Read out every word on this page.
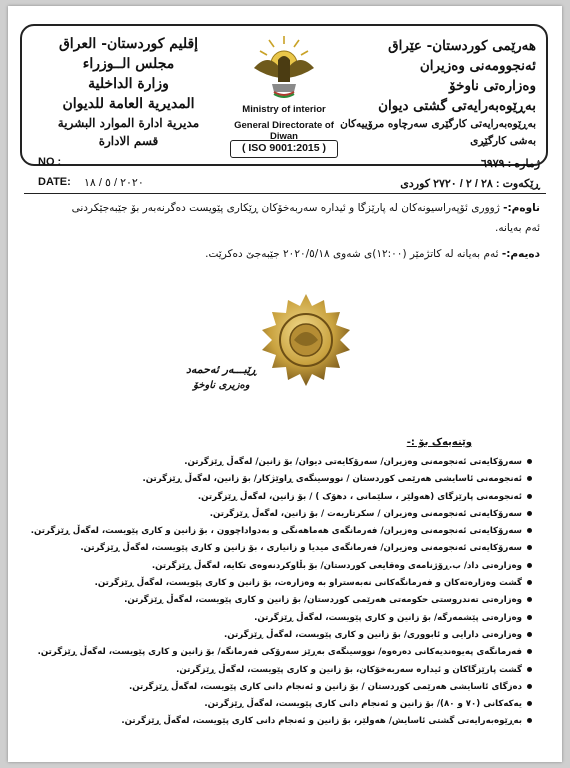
إقليم كوردستان- العراق
مجلس الــوزراء
وزارة الداخلية
المديرية العامة للديوان
مديرية ادارة الموارد البشرية
قسم الادارة
Ministry of interior
General Directorate of Diwan
( ISO 9001:2015 )
هەرێمی کوردستان- عێراق
ئەنجوومەنی وەزیران
وەزارەتی ناوخۆ
بەڕێوەبەرایەتی گشتی دیوان
بەڕێوەبەرایەتی کارگێری سەرچاوە مرۆییەکان
بەشی کارگێڕی
NO :
DATE: ٢٠٢٠ / ٥ / ١٨
ژمارە : ٦٩٧٩
ڕێکەوت : ٢٨ / ٢ / ٢٧٢٠ کوردی
ناوەم:- ژووری ئۆپەراسیونەکان لە پارێزگا و ئیدارە سەربەخۆکان ڕێکاری پێویست دەگرنەبەر بۆ جێبەجێکردنی
ئەم بەیانە.
دەیەم:- ئەم بەیانە لە کاتژمێر (١٢:٠٠)ی شەوی ٢٠٢٠/٥/١٨ جێبەجێ دەکرێت.
ڕێبـــەر ئەحمەد
وەزیری ناوخۆ
وێنەیەک بۆ :-
سەرۆکایەتی ئەنجومەنی وەزیران/ سەرۆکایەتی دیوان/ بۆ زانین/ لەگەڵ ڕێزگرتن.
ئەنجومەنی ئاسایشی هەرێمی کوردستان / نووسینگەی ڕاوێژکار/ بۆ زانین، لەگەڵ ڕێزگرتن.
ئەنجومەنی پارێزگای (هەولێر ، سلێمانی ، دهۆک ) / بۆ زانین، لەگەڵ ڕێزگرتن.
سەرۆکایەتی ئەنجومەنی وەزیران / سکرتاریەت / بۆ زانین، لەگەڵ ڕێزگرتن.
سەرۆکایەتی ئەنجومەنی وەزیران/ فەرمانگەی هەماهەنگی و بەدواداچوون ، بۆ زانین و کاری پێویست، لەگەڵ ڕێزگرتن.
سەرۆکایەتی ئەنجومەنی وەزیران/ فەرمانگەی میدیا و زانیاری ، بۆ زانین و کاری پێویست، لەگەڵ ڕێزگرتن.
وەزارەتی داد/ ب.ڕۆژنامەی وەقایعی کوردستان/ بۆ بڵاوکردنەوەی تکایە، لەگەڵ ڕێزگرتن.
گشت وەزارەتەکان و فەرمانگەکانی نەبەستراو بە وەزارەت، بۆ زانین و کاری پێویست، لەگەڵ ڕێزگرتن.
وەزارەتی تەندروستی حکومەتی هەرێمی کوردستان/ بۆ زانین و کاری پێویست، لەگەڵ ڕێزگرتن.
وەزارەتی پێشمەرگە/ بۆ زانین و کاری پێویست، لەگەڵ ڕێزگرتن.
وەزارەتی دارایی و ئابووری/ بۆ زانین و کاری پێویست، لەگەڵ ڕێزگرتن.
فەرمانگەی پەیوەندیەکانی دەرەوە/ نووسینگەی بەڕێز سەرۆکی فەرمانگە/ بۆ زانین و کاری پێویست، لەگەڵ ڕێزگرتن.
گشت پارێزگاکان و ئیدارە سەربەخۆکان، بۆ زانین و کاری پێویست، لەگەڵ ڕێزگرتن.
دەزگای ئاسایشی هەرێمی کوردستان / بۆ زانین و ئەنجام دانی کاری پێویست، لەگەڵ ڕێزگرتن.
یەکەکانی (٧٠ و ٨٠)/ بۆ زانین و ئەنجام دانی کاری پێویست، لەگەڵ ڕێزگرتن.
بەڕێوەبەرایەتی گشتی ئاسایش/ هەولێر، بۆ زانین و ئەنجام دانی کاری پێویست، لەگەڵ ڕێزگرتن.
